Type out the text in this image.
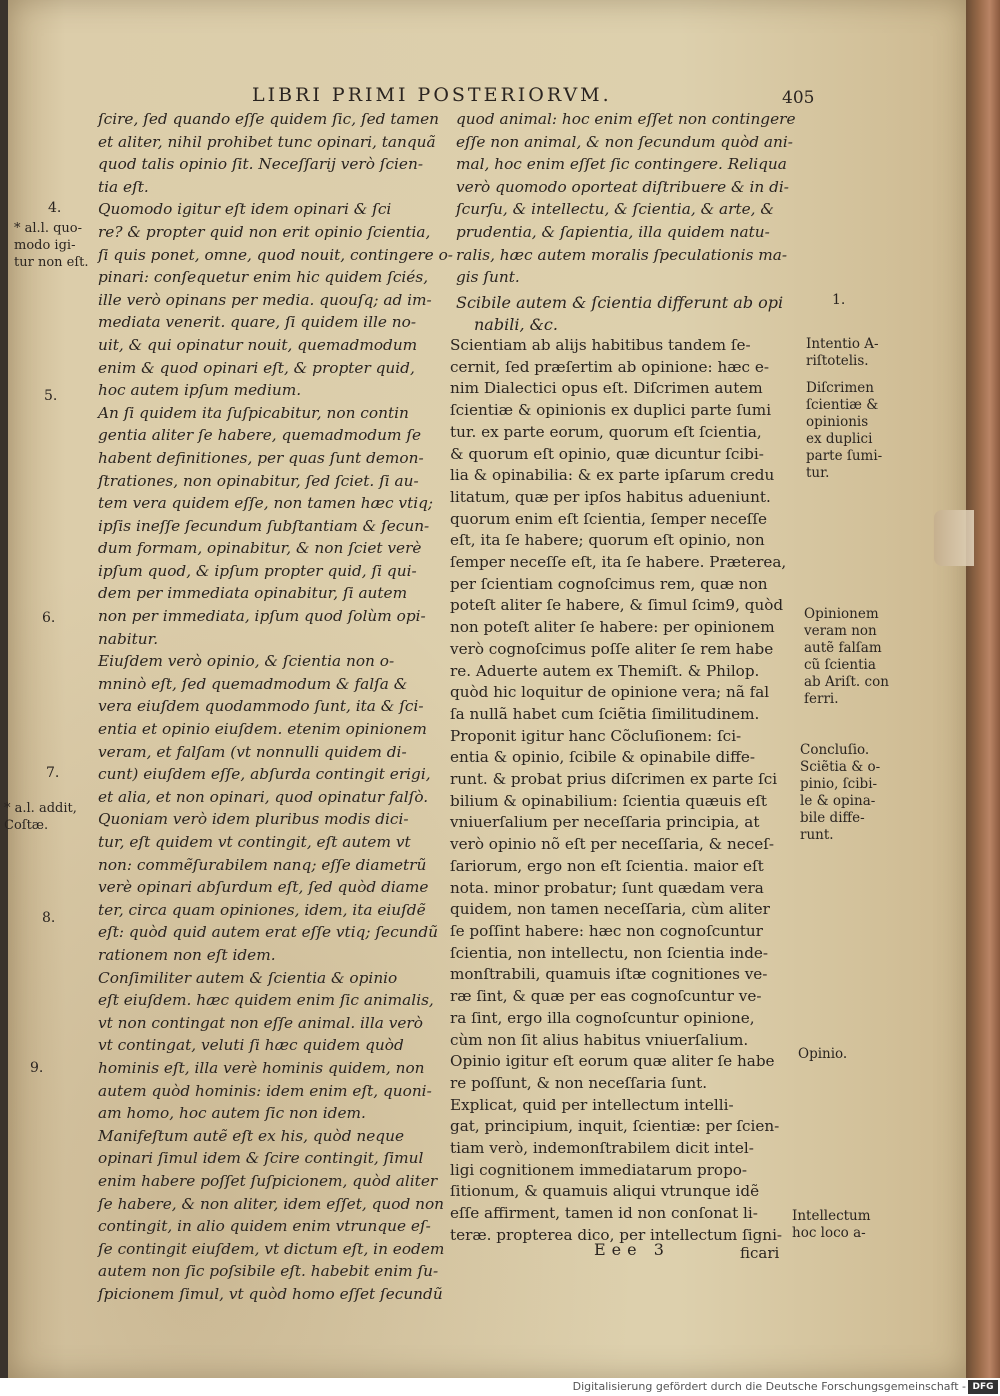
LIBRI PRIMI POSTERIORVM.	405
ſcire, ſed quando eſſe quidem ſic, ſed tamen
et aliter, nihil prohibet tunc opinari, tanquã
quod talis opinio ſit. Neceſſarij verò ſcien-
tia eſt.
Quomodo igitur eſt idem opinari & ſci
re? & propter quid non erit opinio ſcientia,
ſi quis ponet, omne, quod nouit, contingere o-
pinari: conſequetur enim hic quidem ſciés,
ille verò opinans per media. quouſq; ad im-
mediata venerit. quare, ſi quidem ille no-
uit, & qui opinatur nouit, quemadmodum
enim & quod opinari eſt, & propter quid,
hoc autem ipſum medium.
An ſi quidem ita ſuſpicabitur, non contin
gentia aliter ſe habere, quemadmodum ſe
habent definitiones, per quas ſunt demon-
ſtrationes, non opinabitur, ſed ſciet. ſi au-
tem vera quidem eſſe, non tamen hæc vtiq;
ipſis ineſſe ſecundum ſubſtantiam & ſecun-
dum formam, opinabitur, & non ſciet verè
ipſum quod, & ipſum propter quid, ſi qui-
dem per immediata opinabitur, ſi autem
non per immediata, ipſum quod ſolùm opi-
nabitur.
Eiuſdem verò opinio, & ſcientia non o-
mninò eſt, ſed quemadmodum & falſa &
vera eiuſdem quodammodo ſunt, ita & ſci-
entia et opinio eiuſdem. etenim opinionem
veram, et falſam (vt nonnulli quidem di-
cunt) eiuſdem eſſe, abſurda contingit erigi,
et alia, et non opinari, quod opinatur falſò.
Quoniam verò idem pluribus modis dici-
tur, eſt quidem vt contingit, eſt autem vt
non: commẽſurabilem nanq; eſſe diametrũ
verè opinari abſurdum eſt, ſed quòd diame
ter, circa quam opiniones, idem, ita eiuſdẽ
eſt: quòd quid autem erat eſſe vtiq; ſecundũ
rationem non eſt idem.
Conſimiliter autem & ſcientia & opinio
eſt eiuſdem. hæc quidem enim ſic animalis,
vt non contingat non eſſe animal. illa verò
vt contingat, veluti ſi hæc quidem quòd
hominis eſt, illa verè hominis quidem, non
autem quòd hominis: idem enim eſt, quoni-
am homo, hoc autem ſic non idem.
Manifeſtum autẽ eſt ex his, quòd neque
opinari ſimul idem & ſcire contingit, ſimul
enim habere poſſet ſuſpicionem, quòd aliter
ſe habere, & non aliter, idem eſſet, quod non
contingit, in alio quidem enim vtrunque eſ-
ſe contingit eiuſdem, vt dictum eſt, in eodem
autem non ſic poſsibile eſt. habebit enim ſu-
ſpicionem ſimul, vt quòd homo eſſet ſecundũ
4.
5.
6.
7.
8.
9.
* al.l. quo-
modo igi-
tur non eſt.
* a.l. addit,
Coſtæ.
quod animal: hoc enim eſſet non contingere
eſſe non animal, & non ſecundum quòd ani-
mal, hoc enim eſſet ſic contingere. Reliqua
verò quomodo oporteat diſtribuere & in di-
ſcurſu, & intellectu, & ſcientia, & arte, &
prudentia, & ſapientia, illa quidem natu-
ralis, hæc autem moralis ſpeculationis ma-
gis ſunt.
Scibile autem & ſcientia differunt ab opi
nabili, &c.
Scientiam ab alijs habitibus tandem ſe-
cernit, ſed præſertim ab opinione: hæc e-
nim Dialectici opus eſt. Diſcrimen autem
ſcientiæ & opinionis ex duplici parte ſumi
tur. ex parte eorum, quorum eſt ſcientia,
& quorum eſt opinio, quæ dicuntur ſcibi-
lia & opinabilia: & ex parte ipſarum credu
litatum, quæ per ipſos habitus adueniunt.
quorum enim eſt ſcientia, ſemper neceſſe
eſt, ita ſe habere; quorum eſt opinio, non
ſemper neceſſe eſt, ita ſe habere. Præterea,
per ſcientiam cognoſcimus rem, quæ non
poteſt aliter ſe habere, & ſimul ſcim9, quòd
non poteſt aliter ſe habere: per opinionem
verò cognoſcimus poſſe aliter ſe rem habe
re. Aduerte autem ex Themiſt. & Philop.
quòd hic loquitur de opinione vera; nã fal
ſa nullã habet cum ſciẽtia ſimilitudinem.
Proponit igitur hanc Cõcluſionem: ſci-
entia & opinio, ſcibile & opinabile diffe-
runt. & probat prius diſcrimen ex parte ſci
bilium & opinabilium: ſcientia quæuis eſt
vniuerſalium per neceſſaria principia, at
verò opinio nõ eſt per neceſſaria, & neceſ-
ſariorum, ergo non eſt ſcientia. maior eſt
nota. minor probatur; ſunt quædam vera
quidem, non tamen neceſſaria, cùm aliter
ſe poſſint habere: hæc non cognoſcuntur
ſcientia, non intellectu, non ſcientia inde-
monſtrabili, quamuis iſtæ cognitiones ve-
ræ ſint, & quæ per eas cognoſcuntur ve-
ra ſint, ergo illa cognoſcuntur opinione,
cùm non ſit alius habitus vniuerſalium.
Opinio igitur eſt eorum quæ aliter ſe habe
re poſſunt, & non neceſſaria ſunt.
Explicat, quid per intellectum intelli-
gat, principium, inquit, ſcientiæ: per ſcien-
tiam verò, indemonſtrabilem dicit intel-
ligi cognitionem immediatarum propo-
ſitionum, & quamuis aliqui vtrunque idẽ
eſſe affirment, tamen id non conſonat li-
teræ. propterea dico, per intellectum ſigni-
1.
Intentio A-
riſtotelis.
Diſcrimen
ſcientiæ &
opinionis
ex duplici
parte ſumi-
tur.
Opinionem
veram non
autẽ falſam
cũ ſcientia
ab Ariſt. con
ferri.
Concluſio.
Sciẽtia & o-
pinio, ſcibi-
le & opina-
bile diffe-
runt.
Opinio.
Intellectum
hoc loco a-
Eee 3	ficari
Digitalisierung gefördert durch die Deutsche Forschungsgemeinschaft - DFG
